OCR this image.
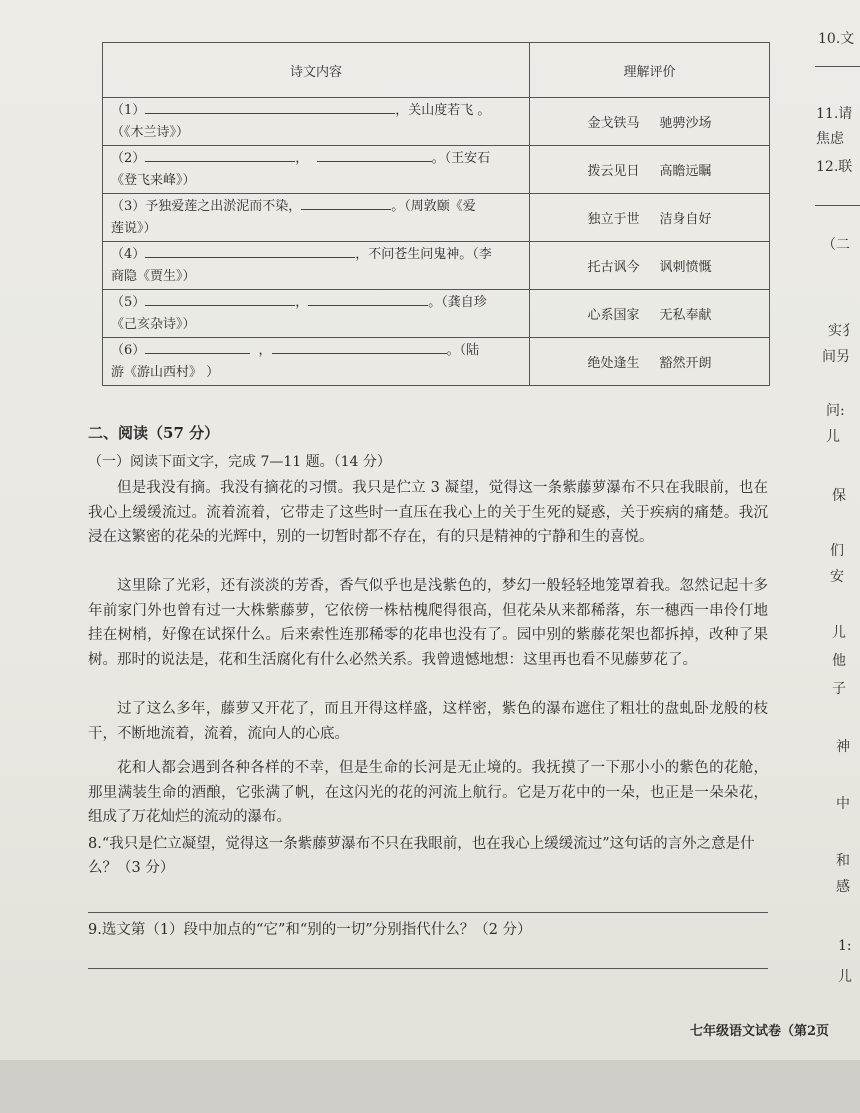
10.文
11.请
焦虑
12.联
（二
实犭
间另
问:
儿
保
们
安
儿
他
子
神
中
和
感
1:
儿
诗文内容	理解评价
（1） ，关山度若飞 。
（《木兰诗》）	金戈铁马 驰骋沙场
（2） ， 。（王安石
《登飞来峰》）	拨云见日 高瞻远瞩
（3）予独爱莲之出淤泥而不染， 。（周敦颐《爱
莲说》）	独立于世 洁身自好
（4） ，不问苍生问鬼神。（李
商隐《贾生》）	托古讽今 讽刺愤慨
（5） ， 。（龚自珍
《己亥杂诗》）	心系国家 无私奉献
（6） ， 。（陆
游《游山西村》 ）	绝处逢生 豁然开朗
二、阅读（57 分）
（一）阅读下面文字，完成 7—11 题。（14 分）

但是我没有摘。我没有摘花的习惯。我只是伫立 3 凝望，觉得这一条紫藤萝瀑布不只在我眼前，也在我心上缓缓流过。流着流着，它带走了这些时一直压在我心上的关于生死的疑惑，关于疾病的痛楚。我沉浸在这繁密的花朵的光辉中，别的一切暂时都不存在，有的只是精神的宁静和生的喜悦。

这里除了光彩，还有淡淡的芳香，香气似乎也是浅紫色的，梦幻一般轻轻地笼罩着我。忽然记起十多年前家门外也曾有过一大株紫藤萝，它依傍一株枯槐爬得很高，但花朵从来都稀落，东一穗西一串伶仃地挂在树梢，好像在试探什么。后来索性连那稀零的花串也没有了。园中别的紫藤花架也都拆掉，改种了果树。那时的说法是，花和生活腐化有什么必然关系。我曾遗憾地想：这里再也看不见藤萝花了。

过了这么多年，藤萝又开花了，而且开得这样盛，这样密，紫色的瀑布遮住了粗壮的盘虬卧龙般的枝干，不断地流着，流着，流向人的心底。

花和人都会遇到各种各样的不幸，但是生命的长河是无止境的。我抚摸了一下那小小的紫色的花舱，那里满装生命的酒酿，它张满了帆，在这闪光的花的河流上航行。它是万花中的一朵，也正是一朵朵花，组成了万花灿烂的流动的瀑布。

8.“我只是伫立凝望，觉得这一条紫藤萝瀑布不只在我眼前，也在我心上缓缓流过”这句话的言外之意是什么？（3 分）
9.选文第（1）段中加点的“它”和“别的一切”分别指代什么？（2 分）
七年级语文试卷（第2页
